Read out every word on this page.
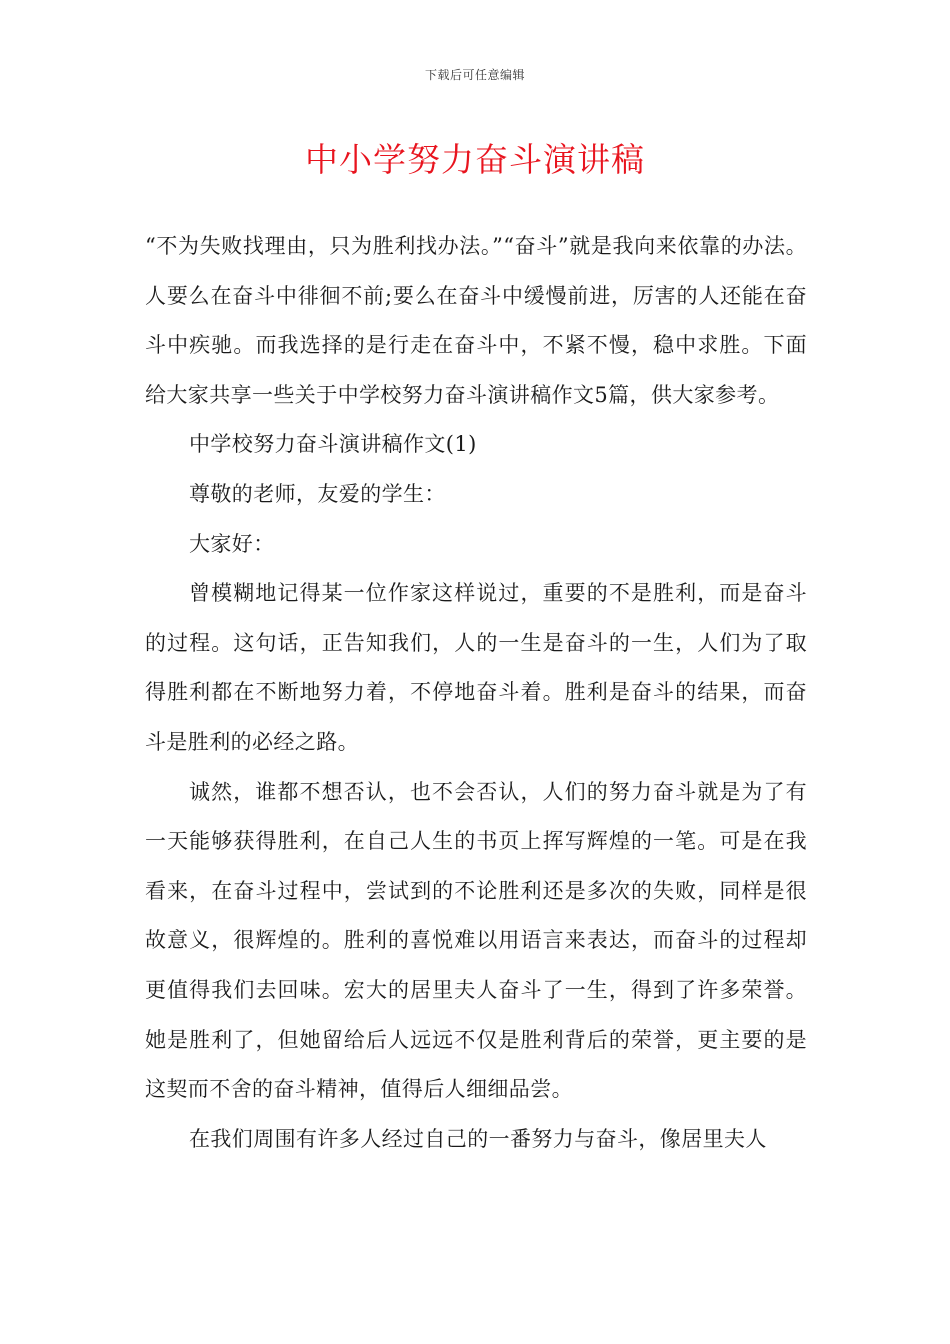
下载后可任意编辑
中小学努力奋斗演讲稿

“不为失败找理由，只为胜利找办法。”“奋斗”就是我向来依靠的办法。人要么在奋斗中徘徊不前;要么在奋斗中缓慢前进，厉害的人还能在奋斗中疾驰。而我选择的是行走在奋斗中，不紧不慢，稳中求胜。下面给大家共享一些关于中学校努力奋斗演讲稿作文5篇，供大家参考。

中学校努力奋斗演讲稿作文(1)

尊敬的老师，友爱的学生：

大家好：

曾模糊地记得某一位作家这样说过，重要的不是胜利，而是奋斗的过程。这句话，正告知我们，人的一生是奋斗的一生，人们为了取得胜利都在不断地努力着，不停地奋斗着。胜利是奋斗的结果，而奋斗是胜利的必经之路。

诚然，谁都不想否认，也不会否认，人们的努力奋斗就是为了有一天能够获得胜利，在自己人生的书页上挥写辉煌的一笔。可是在我看来，在奋斗过程中，尝试到的不论胜利还是多次的失败，同样是很故意义，很辉煌的。胜利的喜悦难以用语言来表达，而奋斗的过程却更值得我们去回味。宏大的居里夫人奋斗了一生，得到了许多荣誉。她是胜利了，但她留给后人远远不仅是胜利背后的荣誉，更主要的是这契而不舍的奋斗精神，值得后人细细品尝。

在我们周围有许多人经过自己的一番努力与奋斗，像居里夫人
